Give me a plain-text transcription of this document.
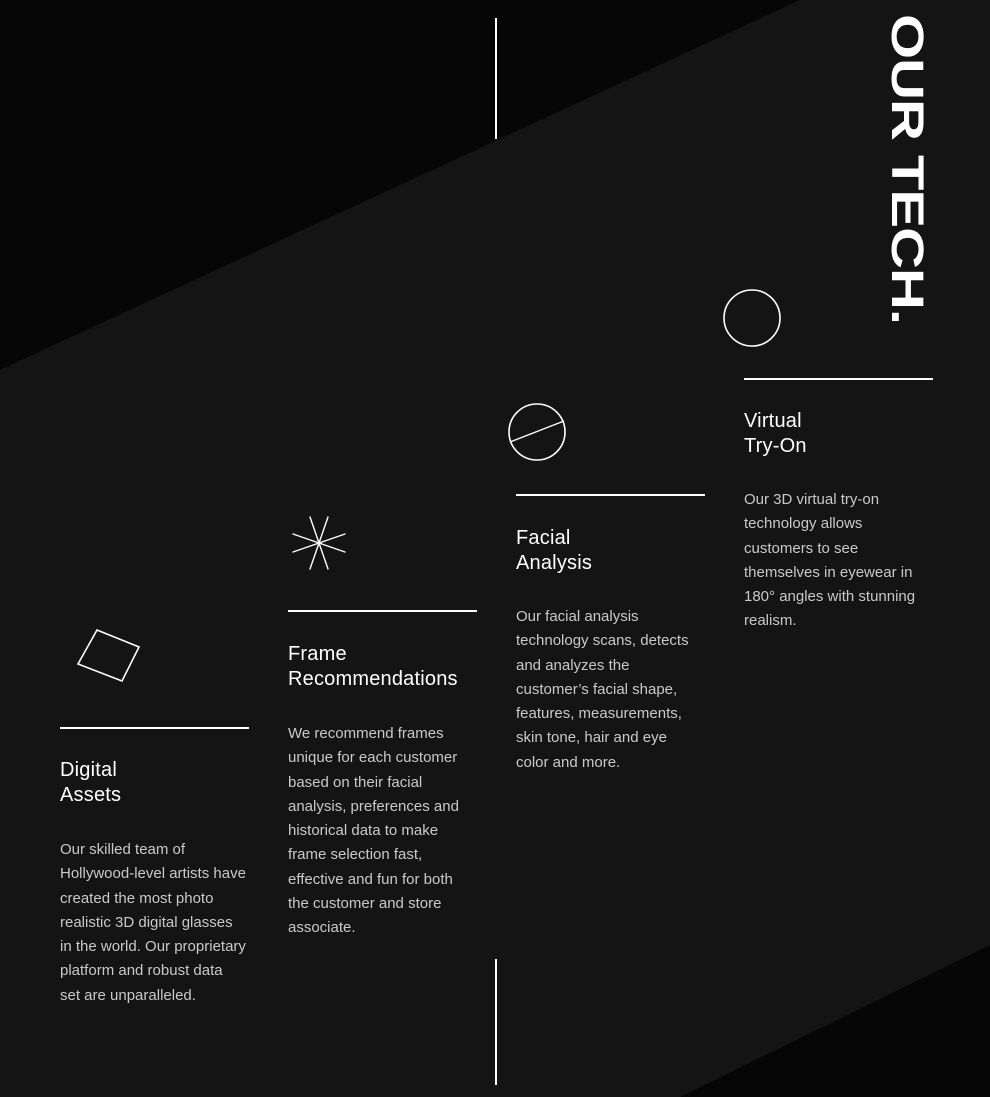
OUR TECH.
Digital
Assets

Our skilled team of Hollywood-level artists have created the most photo realistic 3D digital glasses in the world. Our proprietary platform and robust data set are unparalleled.

Frame
Recommendations

We recommend frames unique for each customer based on their facial analysis, preferences and historical data to make frame selection fast, effective and fun for both the customer and store associate.

Facial
Analysis

Our facial analysis technology scans, detects and analyzes the customer’s facial shape, features, measurements, skin tone, hair and eye color and more.

Virtual
Try-On

Our 3D virtual try-on technology allows customers to see themselves in eyewear in 180° angles with stunning realism.
